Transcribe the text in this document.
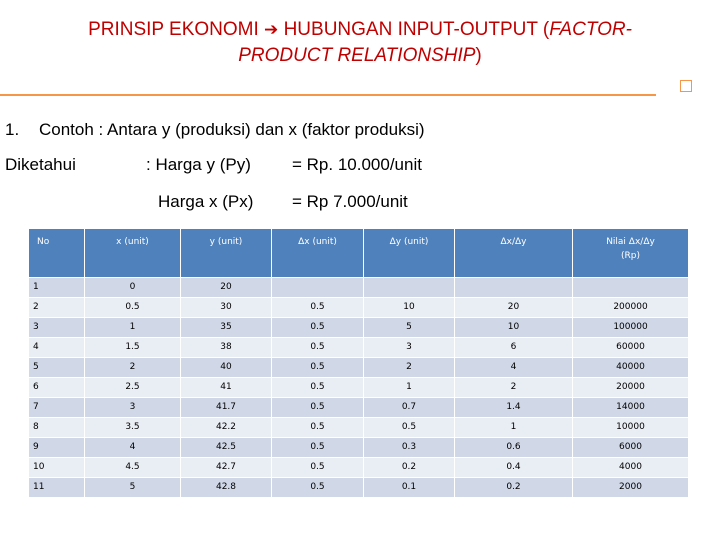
PRINSIP EKONOMI ➔ HUBUNGAN INPUT-OUTPUT (FACTOR-
PRODUCT RELATIONSHIP)
1. Contoh : Antara y (produksi) dan x (faktor produksi)
Diketahui	: Harga y (Py) = Rp. 10.000/unit
Harga x (Px) = Rp 7.000/unit
No	x (unit)	y (unit)	Δx (unit)	Δy (unit)	Δx/Δy	Nilai Δx/Δy
(Rp)
1	0	20				
2	0.5	30	0.5	10	20	200000
3	1	35	0.5	5	10	100000
4	1.5	38	0.5	3	6	60000
5	2	40	0.5	2	4	40000
6	2.5	41	0.5	1	2	20000
7	3	41.7	0.5	0.7	1.4	14000
8	3.5	42.2	0.5	0.5	1	10000
9	4	42.5	0.5	0.3	0.6	6000
10	4.5	42.7	0.5	0.2	0.4	4000
11	5	42.8	0.5	0.1	0.2	2000
